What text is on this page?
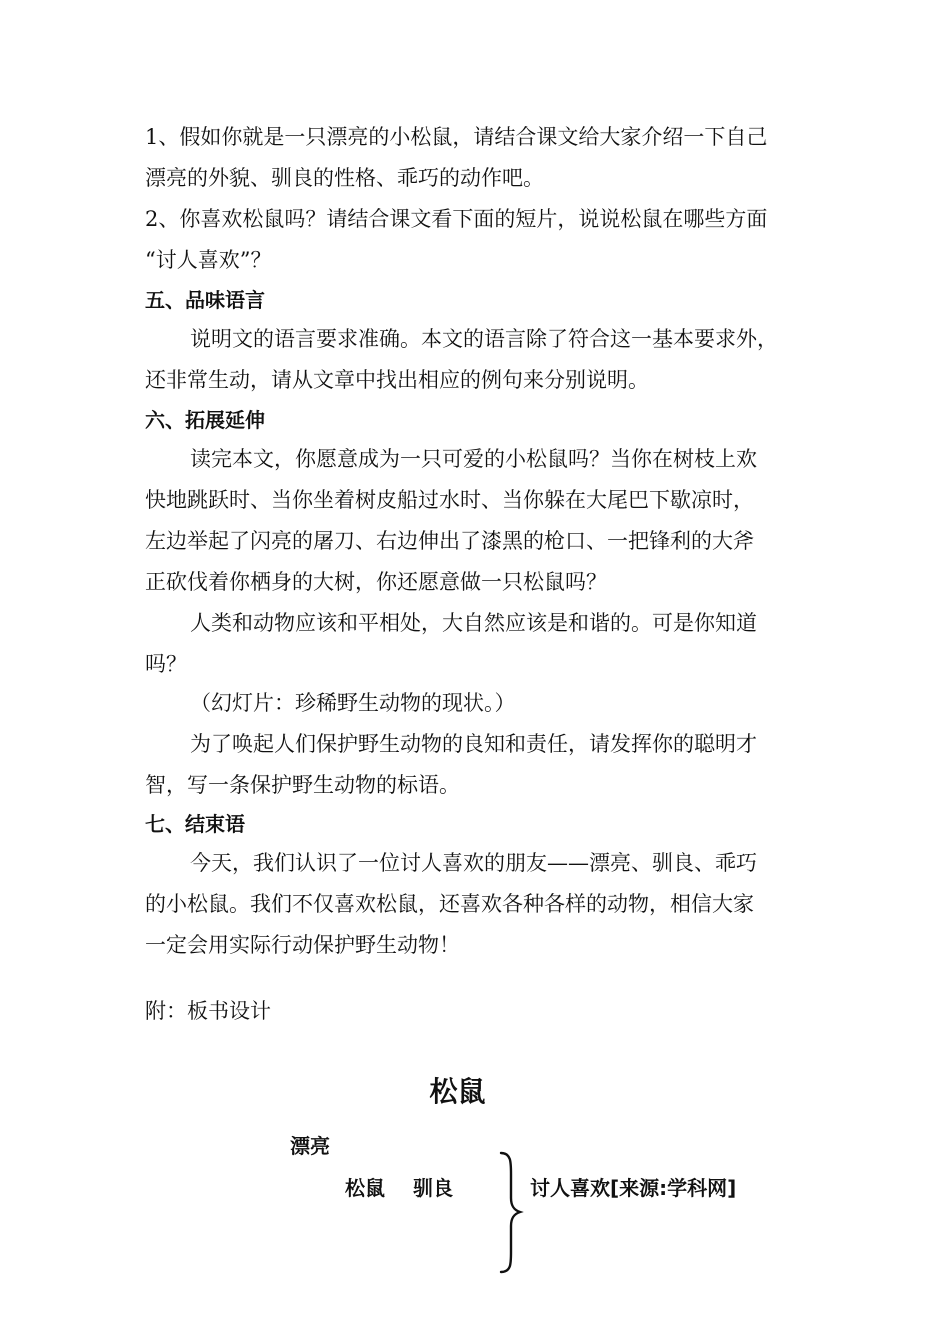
1、假如你就是一只漂亮的小松鼠，请结合课文给大家介绍一下自己
漂亮的外貌、驯良的性格、乖巧的动作吧。
2、你喜欢松鼠吗？请结合课文看下面的短片，说说松鼠在哪些方面
“讨人喜欢”？
五、品味语言
说明文的语言要求准确。本文的语言除了符合这一基本要求外，
还非常生动，请从文章中找出相应的例句来分别说明。
六、拓展延伸
读完本文，你愿意成为一只可爱的小松鼠吗？当你在树枝上欢
快地跳跃时、当你坐着树皮船过水时、当你躲在大尾巴下歇凉时，
左边举起了闪亮的屠刀、右边伸出了漆黑的枪口、一把锋利的大斧
正砍伐着你栖身的大树，你还愿意做一只松鼠吗？
人类和动物应该和平相处，大自然应该是和谐的。可是你知道
吗？
（幻灯片：珍稀野生动物的现状。）
为了唤起人们保护野生动物的良知和责任，请发挥你的聪明才
智，写一条保护野生动物的标语。
七、结束语
今天，我们认识了一位讨人喜欢的朋友——漂亮、驯良、乖巧
的小松鼠。我们不仅喜欢松鼠，还喜欢各种各样的动物，相信大家
一定会用实际行动保护野生动物！
附：板书设计
松鼠
漂亮
松鼠 驯良	讨人喜欢[来源:学科网]
